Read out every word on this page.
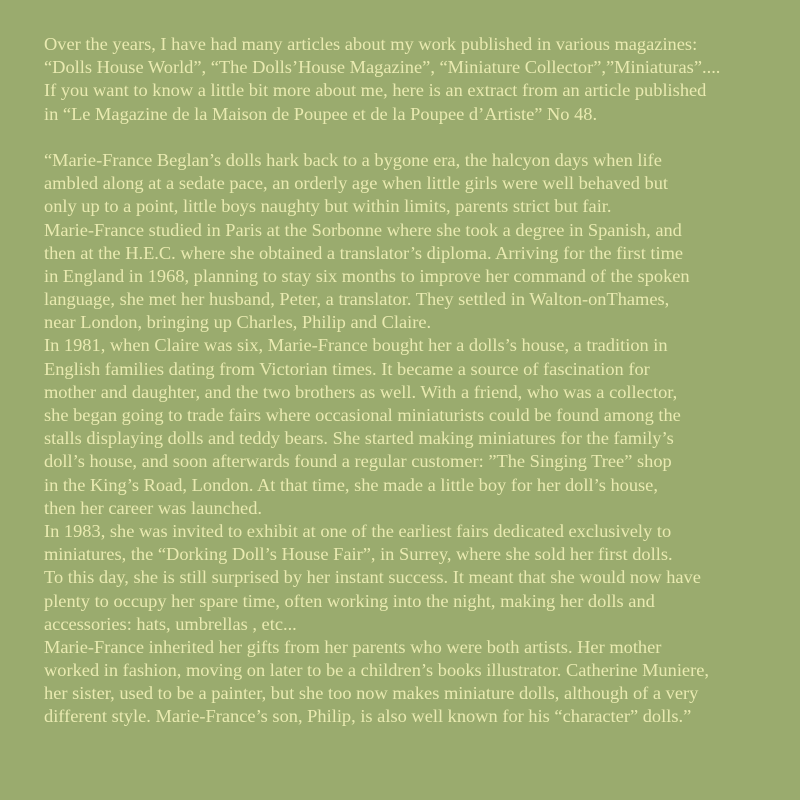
Over the years, I have had many articles about my work published in various magazines:
“Dolls House World”, “The Dolls’House Magazine”, “Miniature Collector”,”Miniaturas”....
If you want to know a little bit more about me, here is an extract from an article published
in “Le Magazine de la Maison de Poupee et de la Poupee d’Artiste” No 48.
“Marie-France Beglan’s dolls hark back to a bygone era, the halcyon days when life
ambled along at a sedate pace, an orderly age when little girls were well behaved but
only up to a point, little boys naughty but within limits, parents strict but fair.
Marie-France studied in Paris at the Sorbonne where she took a degree in Spanish, and
then at the H.E.C. where she obtained a translator’s diploma. Arriving for the first time
in England in 1968, planning to stay six months to improve her command of the spoken
language, she met her husband, Peter, a translator. They settled in Walton-onThames,
near London, bringing up Charles, Philip and Claire.
In 1981, when Claire was six, Marie-France bought her a dolls’s house, a tradition in
English families dating from Victorian times. It became a source of fascination for
mother and daughter, and the two brothers as well. With a friend, who was a collector,
she began going to trade fairs where occasional miniaturists could be found among the
stalls displaying dolls and teddy bears. She started making miniatures for the family’s
doll’s house, and soon afterwards found a regular customer: ”The Singing Tree” shop
in the King’s Road, London. At that time, she made a little boy for her doll’s house,
then her career was launched.
In 1983, she was invited to exhibit at one of the earliest fairs dedicated exclusively to
miniatures, the “Dorking Doll’s House Fair”, in Surrey, where she sold her first dolls.
To this day, she is still surprised by her instant success. It meant that she would now have
plenty to occupy her spare time, often working into the night, making her dolls and
accessories: hats, umbrellas , etc...
Marie-France inherited her gifts from her parents who were both artists. Her mother
worked in fashion, moving on later to be a children’s books illustrator. Catherine Muniere,
her sister, used to be a painter, but she too now makes miniature dolls, although of a very
different style. Marie-France’s son, Philip, is also well known for his “character” dolls.”
